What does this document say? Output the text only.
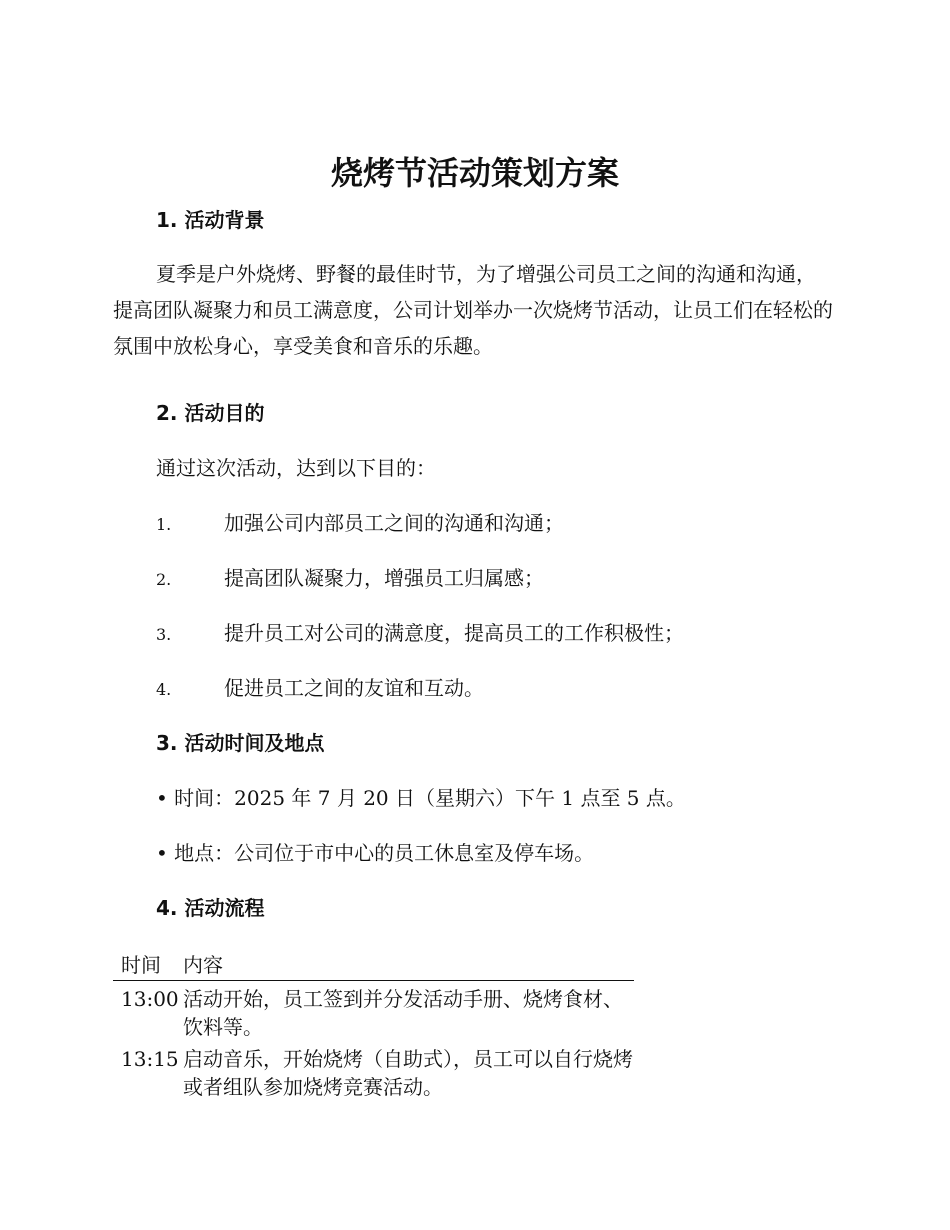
烧烤节活动策划方案
1. 活动背景
夏季是户外烧烤、野餐的最佳时节，为了增强公司员工之间的沟通和沟通，提高团队凝聚力和员工满意度，公司计划举办一次烧烤节活动，让员工们在轻松的氛围中放松身心，享受美食和音乐的乐趣。
2. 活动目的
通过这次活动，达到以下目的：
1.	加强公司内部员工之间的沟通和沟通；
2.	提高团队凝聚力，增强员工归属感；
3.	提升员工对公司的满意度，提高员工的工作积极性；
4.	促进员工之间的友谊和互动。
3. 活动时间及地点
• 时间：2025 年 7 月 20 日（星期六）下午 1 点至 5 点。
• 地点：公司位于市中心的员工休息室及停车场。
4. 活动流程
时间	内容
13:00 活动开始，员工签到并分发活动手册、烧烤食材、饮料等。
13:15 启动音乐，开始烧烤（自助式），员工可以自行烧烤或者组队参加烧烤竞赛活动。
